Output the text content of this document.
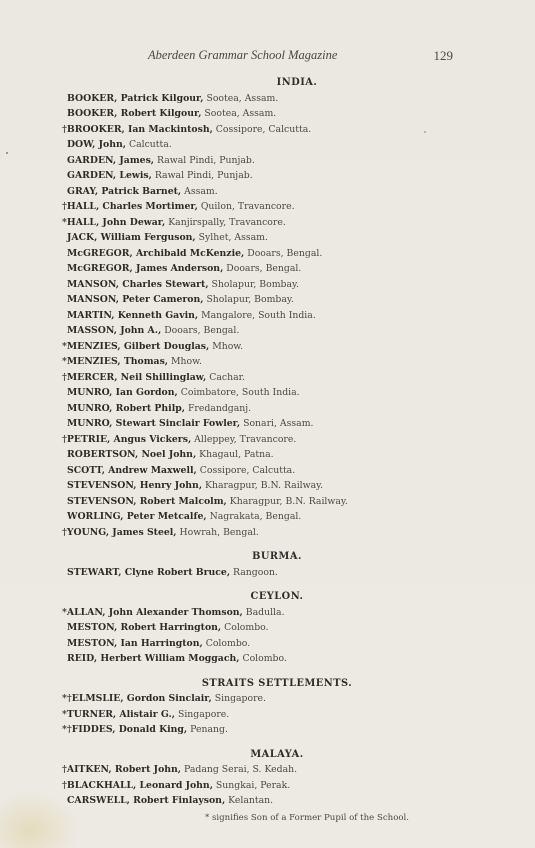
Aberdeen Grammar School Magazine	129
INDIA.
BOOKER, Patrick Kilgour, Sootea, Assam.
BOOKER, Robert Kilgour, Sootea, Assam.
†BROOKER, Ian Mackintosh, Cossipore, Calcutta.
DOW, John, Calcutta.
GARDEN, James, Rawal Pindi, Punjab.
GARDEN, Lewis, Rawal Pindi, Punjab.
GRAY, Patrick Barnet, Assam.
†HALL, Charles Mortimer, Quilon, Travancore.
*HALL, John Dewar, Kanjirspally, Travancore.
JACK, William Ferguson, Sylhet, Assam.
McGREGOR, Archibald McKenzie, Dooars, Bengal.
McGREGOR, James Anderson, Dooars, Bengal.
MANSON, Charles Stewart, Sholapur, Bombay.
MANSON, Peter Cameron, Sholapur, Bombay.
MARTIN, Kenneth Gavin, Mangalore, South India.
MASSON, John A., Dooars, Bengal.
*MENZIES, Gilbert Douglas, Mhow.
*MENZIES, Thomas, Mhow.
†MERCER, Neil Shillinglaw, Cachar.
MUNRO, Ian Gordon, Coimbatore, South India.
MUNRO, Robert Philp, Fredandganj.
MUNRO, Stewart Sinclair Fowler, Sonari, Assam.
†PETRIE, Angus Vickers, Alleppey, Travancore.
ROBERTSON, Noel John, Khagaul, Patna.
SCOTT, Andrew Maxwell, Cossipore, Calcutta.
STEVENSON, Henry John, Kharagpur, B.N. Railway.
STEVENSON, Robert Malcolm, Kharagpur, B.N. Railway.
WORLING, Peter Metcalfe, Nagrakata, Bengal.
†YOUNG, James Steel, Howrah, Bengal.
BURMA.
STEWART, Clyne Robert Bruce, Rangoon.
CEYLON.
*ALLAN, John Alexander Thomson, Badulla.
MESTON, Robert Harrington, Colombo.
MESTON, Ian Harrington, Colombo.
REID, Herbert William Moggach, Colombo.
STRAITS SETTLEMENTS.
*†ELMSLIE, Gordon Sinclair, Singapore.
*TURNER, Alistair G., Singapore.
*†FIDDES, Donald King, Penang.
MALAYA.
†AITKEN, Robert John, Padang Serai, S. Kedah.
†BLACKHALL, Leonard John, Sungkai, Perak.
CARSWELL, Robert Finlayson, Kelantan.
* signifies Son of a Former Pupil of the School.
